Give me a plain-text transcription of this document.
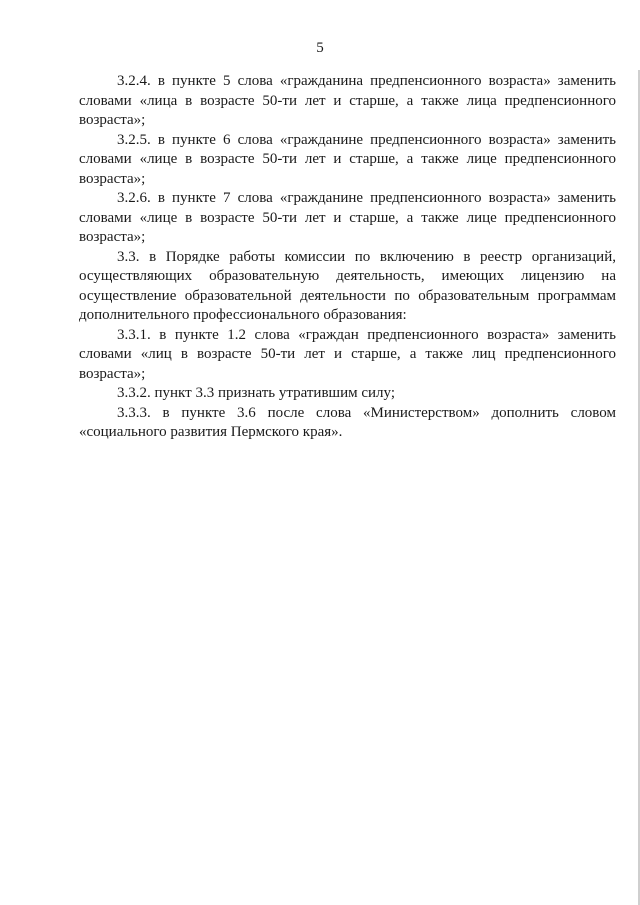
5

3.2.4. в пункте 5 слова «гражданина предпенсионного возраста» заменить словами «лица в возрасте 50-ти лет и старше, а также лица предпенсионного возраста»;

3.2.5. в пункте 6 слова «гражданине предпенсионного возраста» заменить словами «лице в возрасте 50-ти лет и старше, а также лице предпенсионного возраста»;

3.2.6. в пункте 7 слова «гражданине предпенсионного возраста» заменить словами «лице в возрасте 50-ти лет и старше, а также лице предпенсионного возраста»;

3.3. в Порядке работы комиссии по включению в реестр организаций, осуществляющих образовательную деятельность, имеющих лицензию на осуществление образовательной деятельности по образовательным программам дополнительного профессионального образования:

3.3.1. в пункте 1.2 слова «граждан предпенсионного возраста» заменить словами «лиц в возрасте 50-ти лет и старше, а также лиц предпенсионного возраста»;

3.3.2. пункт 3.3 признать утратившим силу;

3.3.3. в пункте 3.6 после слова «Министерством» дополнить словом «социального развития Пермского края».
